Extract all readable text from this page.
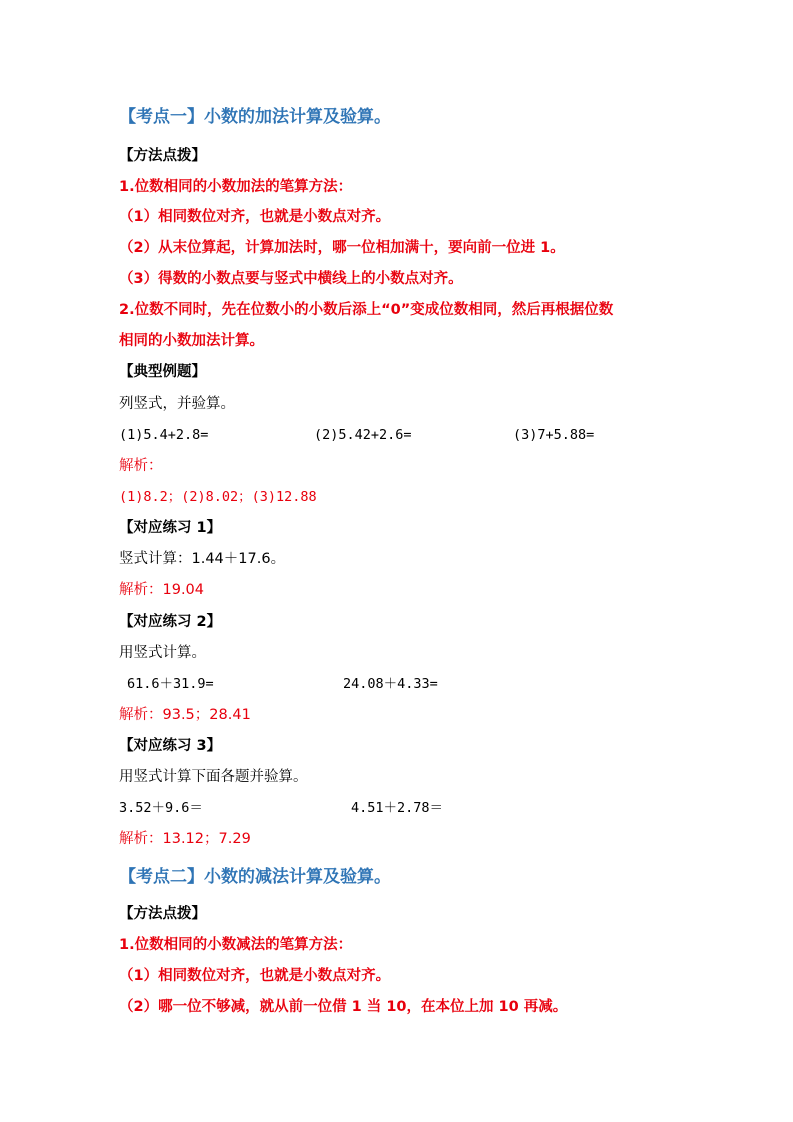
【考点一】小数的加法计算及验算。
【方法点拨】
1.位数相同的小数加法的笔算方法：
（1）相同数位对齐，也就是小数点对齐。
（2）从末位算起，计算加法时，哪一位相加满十，要向前一位进 1。
（3）得数的小数点要与竖式中横线上的小数点对齐。
2.位数不同时，先在位数小的小数后添上“0”变成位数相同，然后再根据位数
相同的小数加法计算。
【典型例题】
列竖式，并验算。
(1)5.4+2.8=	(2)5.42+2.6=	(3)7+5.88=
解析：
(1)8.2；(2)8.02；(3)12.88
【对应练习 1】
竖式计算：1.44＋17.6。
解析：19.04
【对应练习 2】
用竖式计算。
61.6＋31.9=	24.08＋4.33=
解析：93.5；28.41
【对应练习 3】
用竖式计算下面各题并验算。
3.52＋9.6＝	4.51＋2.78＝
解析：13.12；7.29
【考点二】小数的减法计算及验算。
【方法点拨】
1.位数相同的小数减法的笔算方法：
（1）相同数位对齐，也就是小数点对齐。
（2）哪一位不够减，就从前一位借 1 当 10，在本位上加 10 再减。
